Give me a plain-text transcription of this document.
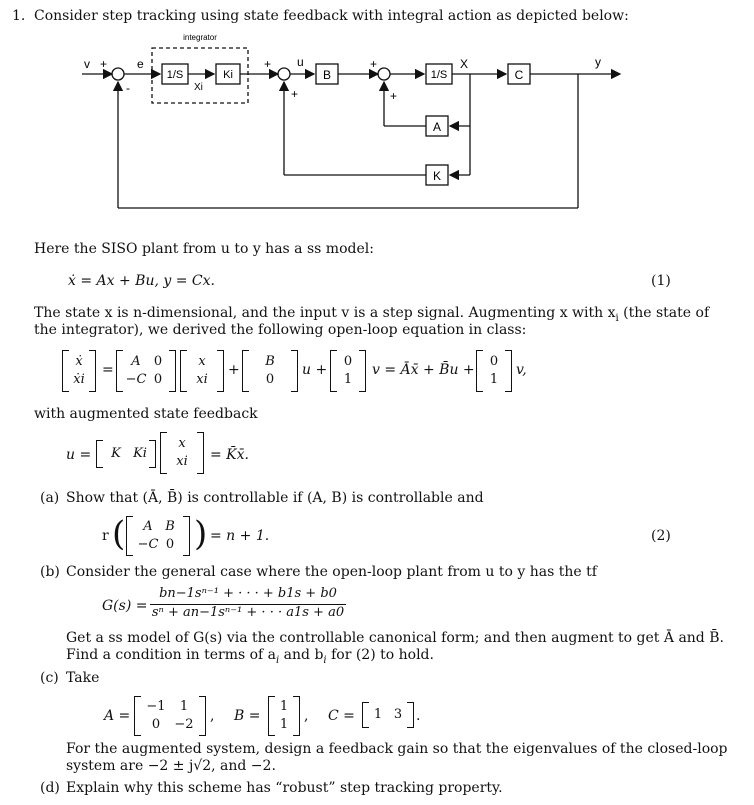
1. Consider step tracking using state feedback with integral action as depicted below:
integrator
1/S	Ki	B	1/S	C
A
K
v + e
-	Xi
+ u
+
+
+
X	y
Here the SISO plant from u to y has a ss model:
ẋ = Ax + Bu, y = Cx.	(1)
The state x is n-dimensional, and the input v is a step signal. Augmenting x with $x_i$ (the state of
the integrator), we derived the following open-loop equation in class:
ẋ
ẋi
=
A	0
−C 0
x
xi
+
B
0
u +
0
1
v = Āx̄ + B̄u +
0
1
v,
with augmented state feedback
u =	K Ki
x
xi	= K̄x̄.
(a) Show that (Ā, B̄) is controllable if (A, B) is controllable and
r (	A B
−C 0 ) = n + 1.	(2)
(b) Consider the general case where the open-loop plant from u to y has the tf
G(s) =
bn−1sⁿ⁻¹ + · · · + b1s + b0
sⁿ + an−1sⁿ⁻¹ + · · · a1s + a0
Get a ss model of G(s) via the controllable canonical form; and then augment to get Ā and B̄.
Find a condition in terms of $a_i$ and $b_i$ for (2) to hold.
(c) Take
A =
−1	1
0	−2
, B =
1
1
, C =	1 3 .
For the augmented system, design a feedback gain so that the eigenvalues of the closed-loop
system are −2 ± j√2, and −2.
(d) Explain why this scheme has “robust” step tracking property.
